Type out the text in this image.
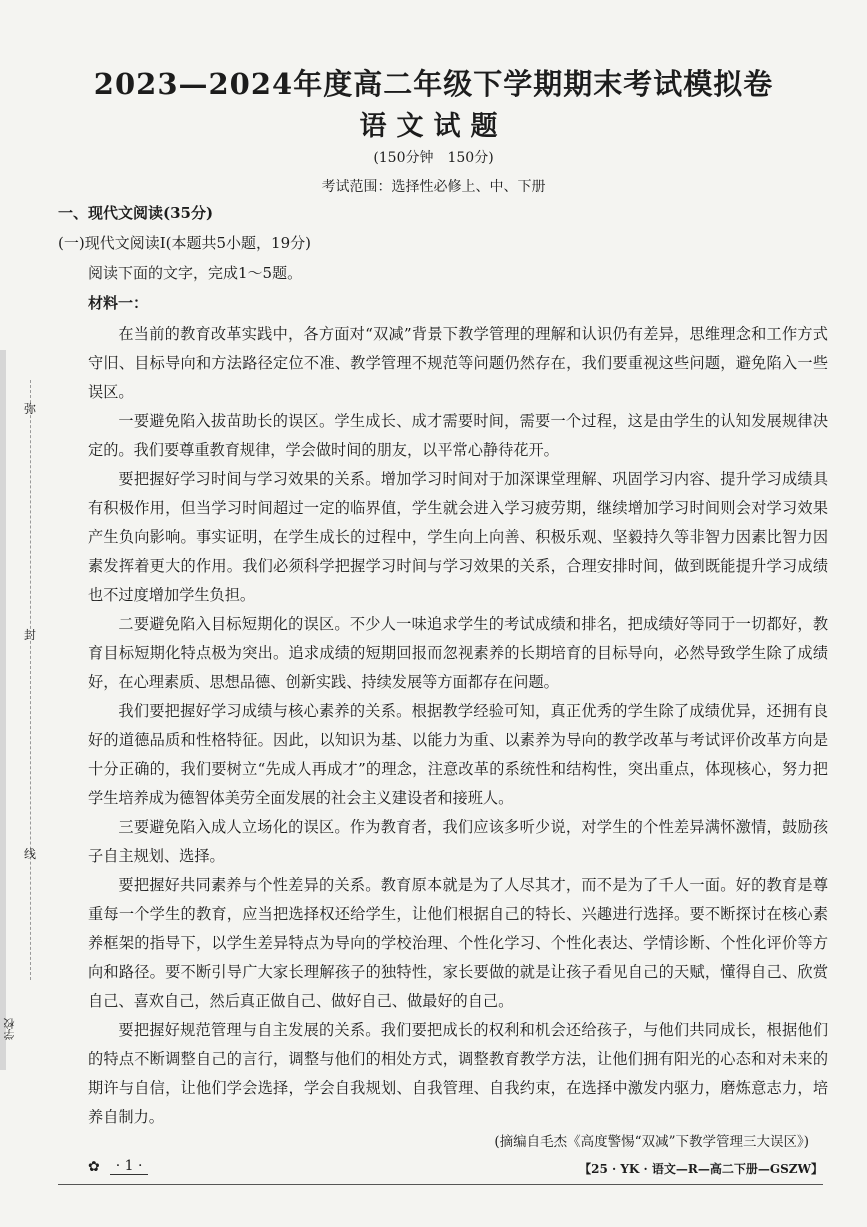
弥
封
线
学校
2023—2024年度高二年级下学期期末考试模拟卷
语文试题
(150分钟　150分)
考试范围：选择性必修上、中、下册
一、现代文阅读(35分)
(一)现代文阅读Ⅰ(本题共5小题，19分)
阅读下面的文字，完成1～5题。
材料一：

在当前的教育改革实践中，各方面对“双减”背景下教学管理的理解和认识仍有差异，思维理念和工作方式守旧、目标导向和方法路径定位不准、教学管理不规范等问题仍然存在，我们要重视这些问题，避免陷入一些误区。

一要避免陷入拔苗助长的误区。学生成长、成才需要时间，需要一个过程，这是由学生的认知发展规律决定的。我们要尊重教育规律，学会做时间的朋友，以平常心静待花开。

要把握好学习时间与学习效果的关系。增加学习时间对于加深课堂理解、巩固学习内容、提升学习成绩具有积极作用，但当学习时间超过一定的临界值，学生就会进入学习疲劳期，继续增加学习时间则会对学习效果产生负向影响。事实证明，在学生成长的过程中，学生向上向善、积极乐观、坚毅持久等非智力因素比智力因素发挥着更大的作用。我们必须科学把握学习时间与学习效果的关系，合理安排时间，做到既能提升学习成绩也不过度增加学生负担。

二要避免陷入目标短期化的误区。不少人一味追求学生的考试成绩和排名，把成绩好等同于一切都好，教育目标短期化特点极为突出。追求成绩的短期回报而忽视素养的长期培育的目标导向，必然导致学生除了成绩好，在心理素质、思想品德、创新实践、持续发展等方面都存在问题。

我们要把握好学习成绩与核心素养的关系。根据教学经验可知，真正优秀的学生除了成绩优异，还拥有良好的道德品质和性格特征。因此，以知识为基、以能力为重、以素养为导向的教学改革与考试评价改革方向是十分正确的，我们要树立“先成人再成才”的理念，注意改革的系统性和结构性，突出重点，体现核心，努力把学生培养成为德智体美劳全面发展的社会主义建设者和接班人。

三要避免陷入成人立场化的误区。作为教育者，我们应该多听少说，对学生的个性差异满怀激情，鼓励孩子自主规划、选择。

要把握好共同素养与个性差异的关系。教育原本就是为了人尽其才，而不是为了千人一面。好的教育是尊重每一个学生的教育，应当把选择权还给学生，让他们根据自己的特长、兴趣进行选择。要不断探讨在核心素养框架的指导下，以学生差异特点为导向的学校治理、个性化学习、个性化表达、学情诊断、个性化评价等方向和路径。要不断引导广大家长理解孩子的独特性，家长要做的就是让孩子看见自己的天赋，懂得自己、欣赏自己、喜欢自己，然后真正做自己、做好自己、做最好的自己。

要把握好规范管理与自主发展的关系。我们要把成长的权利和机会还给孩子，与他们共同成长，根据他们的特点不断调整自己的言行，调整与他们的相处方式，调整教育教学方法，让他们拥有阳光的心态和对未来的期许与自信，让他们学会选择，学会自我规划、自我管理、自我约束，在选择中激发内驱力，磨炼意志力，培养自制力。

(摘编自毛杰《高度警惕“双减”下教学管理三大误区》)
✿	· 1 ·	【25 · YK · 语文—R—高二下册—GSZW】
